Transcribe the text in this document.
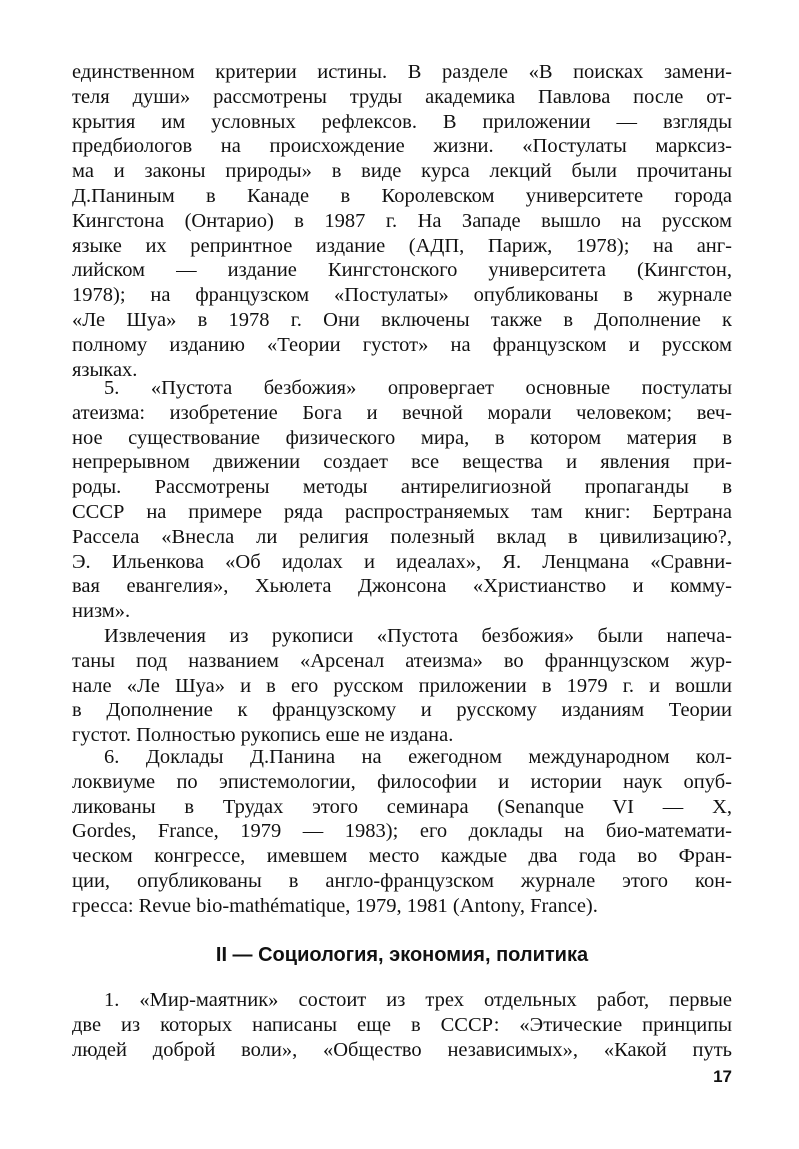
единственном критерии истины. В разделе «В поисках замени-
теля души» рассмотрены труды академика Павлова после от-
крытия им условных рефлексов. В приложении — взгляды
предбиологов на происхождение жизни. «Постулаты марксиз-
ма и законы природы» в виде курса лекций были прочитаны
Д.Паниным в Канаде в Королевском университете города
Кингстона (Онтарио) в 1987 г. На Западе вышло на русском
языке их репринтное издание (АДП, Париж, 1978); на анг-
лийском — издание Кингстонского университета (Кингстон,
1978); на французском «Постулаты» опубликованы в журнале
«Ле Шуа» в 1978 г. Они включены также в Дополнение к
полному изданию «Теории густот» на французском и русском
языках.
5. «Пустота безбожия» опровергает основные постулаты
атеизма: изобретение Бога и вечной морали человеком; веч-
ное существование физического мира, в котором материя в
непрерывном движении создает все вещества и явления при-
роды. Рассмотрены методы антирелигиозной пропаганды в
СССР на примере ряда распространяемых там книг: Бертрана
Рассела «Внесла ли религия полезный вклад в цивилизацию?,
Э. Ильенкова «Об идолах и идеалах», Я. Ленцмана «Сравни-
вая евангелия», Хьюлета Джонсона «Христианство и комму-
низм».
Извлечения из рукописи «Пустота безбожия» были напеча-
таны под названием «Арсенал атеизма» во франнцузском жур-
нале «Ле Шуа» и в его русском приложении в 1979 г. и вошли
в Дополнение к французскому и русскому изданиям Теории
густот. Полностью рукопись еше не издана.
6. Доклады Д.Панина на ежегодном международном кол-
локвиуме по эпистемологии, философии и истории наук опуб-
ликованы в Трудах этого семинара (Senanque VI — X,
Gordes, France, 1979 — 1983); его доклады на био-математи-
ческом конгрессе, имевшем место каждые два года во Фран-
ции, опубликованы в англо-французском журнале этого кон-
гресса: Revue bio-mathématique, 1979, 1981 (Antony, France).
II — Социология, экономия, политика
1. «Мир-маятник» состоит из трех отдельных работ, первые
две из которых написаны еще в СССР: «Этические принципы
людей доброй воли», «Общество независимых», «Какой путь
17
